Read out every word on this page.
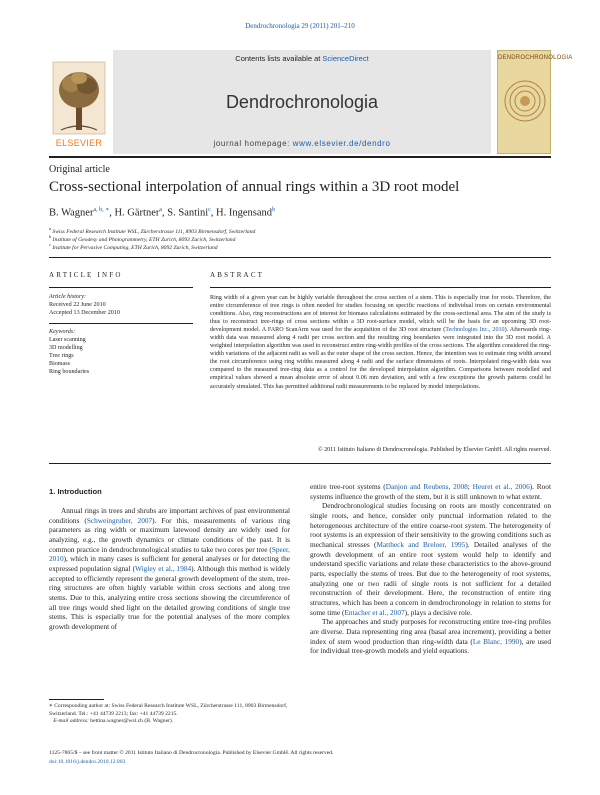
Dendrochronologia 29 (2011) 201–210
ELSEVIER
Contents lists available at ScienceDirect
Dendrochronologia
journal homepage: www.elsevier.de/dendro
DENDROCHRONOLOGIA
Original article
Cross-sectional interpolation of annual rings within a 3D root model
B. Wagner$^{a, b, ∗}$, H. Gärtner$^a$, S. Santini$^c$, H. Ingensand$^b$
$^a$ Swiss Federal Research Institute WSL, Zürcherstrasse 111, 8903 Birmensdorf, Switzerland
$^b$ Institute of Geodesy and Photogrammetry, ETH Zurich, 8093 Zurich, Switzerland
$^c$ Institute for Pervasive Computing, ETH Zurich, 8092 Zurich, Switzerland
ARTICLE INFO
Article history:
Received 22 June 2010
Accepted 13 December 2010
Keywords:
Laser scanning
3D modelling
Tree rings
Biomass
Ring boundaries
ABSTRACT
Ring width of a given year can be highly variable throughout the cross section of a stem. This is especially true for roots. Therefore, the entire circumference of tree rings is often needed for studies focusing on specific reactions of individual trees on certain environmental conditions. Also, ring reconstructions are of interest for biomass calculations estimated by the cross-sectional area. The aim of the study is thus to reconstruct tree-rings of cross sections within a 3D root-surface model, which will be the basis for an upcoming 3D root-development model. A FARO ScanArm was used for the acquisition of the 3D root structure (Technologies Inc., 2010). Afterwards ring-width data was measured along 4 radii per cross section and the resulting ring boundaries were integrated into the 3D root model. A weighted interpolation algorithm was used to reconstruct entire ring-width profiles of the cross sections. The algorithm considered the ring-width variations of the adjacent radii as well as the outer shape of the cross section. Hence, the intention was to estimate ring width around the root circumference using ring widths measured along 4 radii and the surface dimensions of roots. Interpolated ring-width data was compared to the measured tree-ring data as a control for the developed interpolation algorithm. Comparisons between modelled and empirical values showed a mean absolute error of about 0.06 mm deviation, and with a few exceptions the growth patterns could be accurately simulated. This has permitted additional radii measurements to be replaced by model interpolations.
© 2011 Istituto Italiano di Dendrocronologia. Published by Elsevier GmbH. All rights reserved.
1. Introduction

Annual rings in trees and shrubs are important archives of past environmental conditions (Schweingruber, 2007). For this, measurements of various ring parameters as ring width or maximum latewood density are widely used for analyzing, e.g., the growth dynamics or climate conditions of the past. It is common practice in dendrochronological studies to take two cores per tree (Speer, 2010), which in many cases is sufficient for general analyses or for detecting the expressed population signal (Wigley et al., 1984). Although this method is widely accepted to efficiently represent the general growth development of the stem, tree-ring structures are often highly variable within cross sections and along tree stems. Due to this, analyzing entire cross sections showing the circumference of all tree rings would shed light on the detailed growing conditions of single tree stems. This is especially true for the potential analyses of the more complex growth development of

entire tree-root systems (Danjon and Reubens, 2008; Heuret et al., 2006). Root systems influence the growth of the stem, but it is still unknown to what extent.

Dendrochronological studies focusing on roots are mostly concentrated on single roots, and hence, consider only punctual information related to the heterogeneous architecture of the entire coarse-root system. The heterogeneity of root systems is an expression of their sensitivity to the growing conditions such as mechanical stresses (Mattheck and Breloer, 1995). Detailed analyses of the growth development of an entire root system would help to identify and understand specific variations and relate these characteristics to the above-ground parts, especially the stems of trees. But due to the heterogeneity of root systems, analyzing one or two radii of single roots is not sufficient for a detailed reconstruction of their development. Here, the reconstruction of entire ring structures, which has been a concern in dendrochronology in relation to stems for some time (Entacher et al., 2007), plays a decisive role.

The approaches and study purposes for reconstructing entire tree-ring profiles are diverse. Data representing ring area (basal area increment), providing a better index of stem wood production than ring-width data (Le Blanc, 1990), are used for individual tree-growth models and yield equations.

∗ Corresponding author at: Swiss Federal Research Institute WSL, Zürcherstrasse 111, 8903 Birmensdorf, Switzerland. Tel.: +41 44739 2213; fax: +41 44739 2215.
E-mail address: bettina.wagner@wsl.ch (B. Wagner).
1125-7865/$ – see front matter © 2011 Istituto Italiano di Dendrocronologia. Published by Elsevier GmbH. All rights reserved.
doi:10.1016/j.dendro.2010.12.003
